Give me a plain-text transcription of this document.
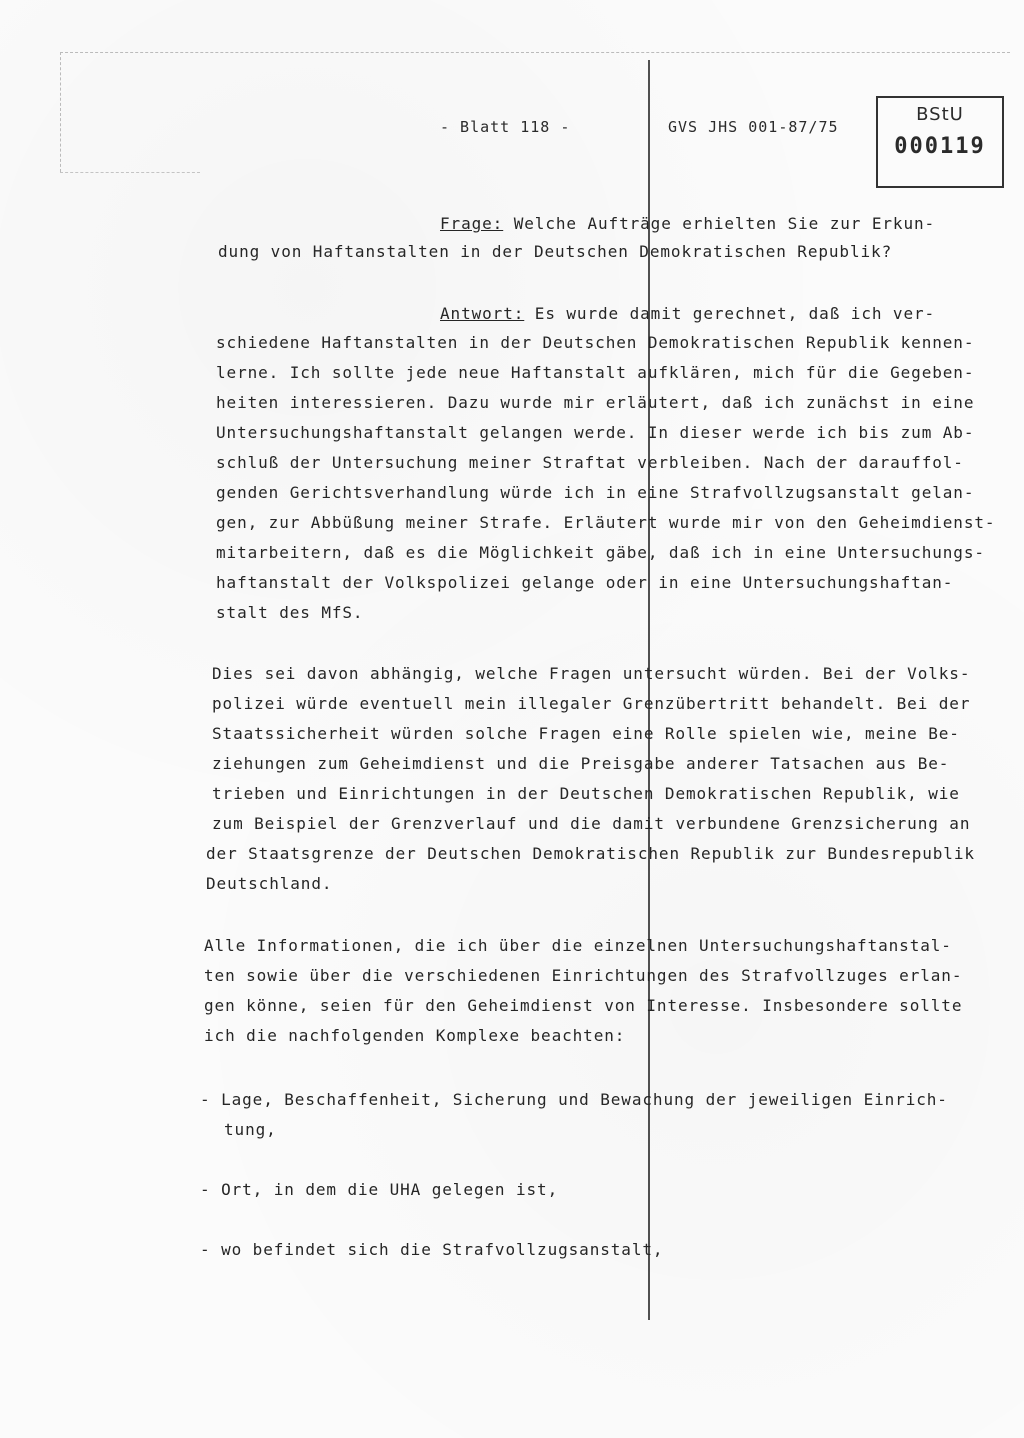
- Blatt 118 -	GVS JHS 001-87/75
BStU
000119
Frage: Welche Aufträge erhielten Sie zur Erkun-
dung von Haftanstalten in der Deutschen Demokratischen Republik?
Antwort: Es wurde damit gerechnet, daß ich ver-
schiedene Haftanstalten in der Deutschen Demokratischen Republik kennen-
lerne. Ich sollte jede neue Haftanstalt aufklären, mich für die Gegeben-
heiten interessieren. Dazu wurde mir erläutert, daß ich zunächst in eine
Untersuchungshaftanstalt gelangen werde. In dieser werde ich bis zum Ab-
schluß der Untersuchung meiner Straftat verbleiben. Nach der darauffol-
genden Gerichtsverhandlung würde ich in eine Strafvollzugsanstalt gelan-
gen, zur Abbüßung meiner Strafe. Erläutert wurde mir von den Geheimdienst-
mitarbeitern, daß es die Möglichkeit gäbe, daß ich in eine Untersuchungs-
haftanstalt der Volkspolizei gelange oder in eine Untersuchungshaftan-
stalt des MfS.
Dies sei davon abhängig, welche Fragen untersucht würden. Bei der Volks-
polizei würde eventuell mein illegaler Grenzübertritt behandelt. Bei der
Staatssicherheit würden solche Fragen eine Rolle spielen wie, meine Be-
ziehungen zum Geheimdienst und die Preisgabe anderer Tatsachen aus Be-
trieben und Einrichtungen in der Deutschen Demokratischen Republik, wie
zum Beispiel der Grenzverlauf und die damit verbundene Grenzsicherung an
der Staatsgrenze der Deutschen Demokratischen Republik zur Bundesrepublik
Deutschland.
Alle Informationen, die ich über die einzelnen Untersuchungshaftanstal-
ten sowie über die verschiedenen Einrichtungen des Strafvollzuges erlan-
gen könne, seien für den Geheimdienst von Interesse. Insbesondere sollte
ich die nachfolgenden Komplexe beachten:
- Lage, Beschaffenheit, Sicherung und Bewachung der jeweiligen Einrich-
tung,
- Ort, in dem die UHA gelegen ist,
- wo befindet sich die Strafvollzugsanstalt,
